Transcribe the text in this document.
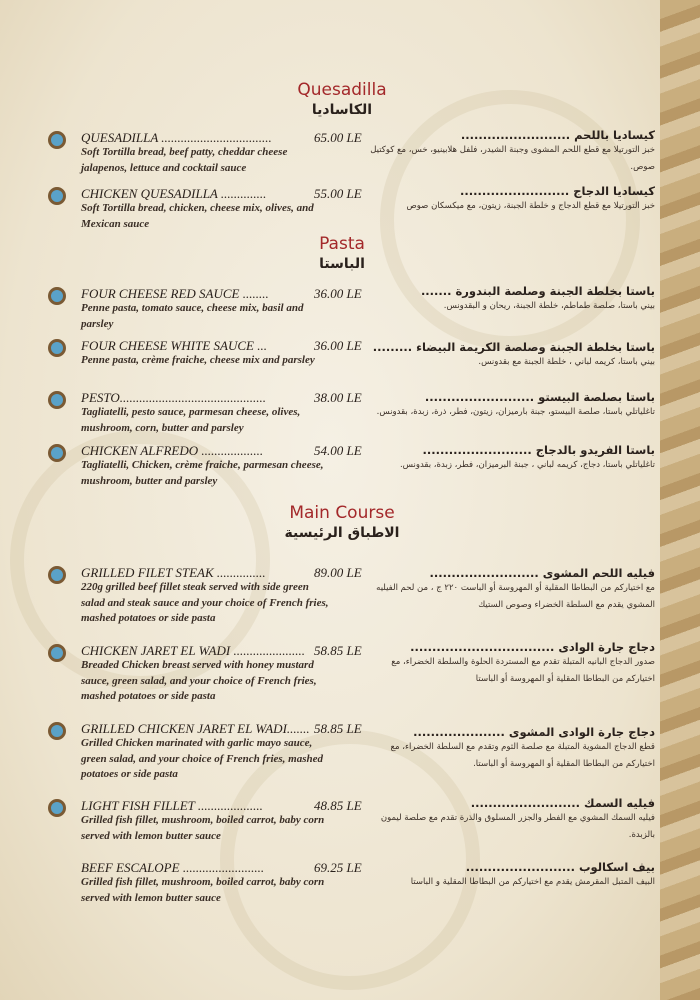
Quesadilla
الكاساديا
QUESADILLA ..................................	65.00 LE
Soft Tortilla bread, beef patty, cheddar cheese jalapenos, lettuce and cocktail sauce
كيساديا باللحم .........................
خبز التورتيلا مع قطع اللحم المشوى وجبنة الشيدر، فلفل هلابينيو، خس، مع كوكتيل صوص.
CHICKEN QUESADILLA ..............	55.00 LE
Soft Tortilla bread, chicken, cheese mix, olives, and Mexican sauce
كيساديا الدجاج .........................
خبز التورتيلا مع قطع الدجاج و خلطة الجبنة، زيتون، مع ميكسكان صوص
Pasta
الباستا
FOUR CHEESE RED SAUCE ........	36.00 LE
Penne pasta, tomato sauce, cheese mix, basil and parsley
باستا بخلطة الجبنة وصلصة البندورة .......
بيني باستا، صلصة طماطم، خلطة الجبنة، ريحان و البقدونس.
FOUR CHEESE WHITE SAUCE ...	36.00 LE
Penne pasta, crème fraiche, cheese mix and parsley
باستا بخلطة الجبنة وصلصة الكريمة البيضاء .........
بيني باستا، كريمه لباني ، خلطة الجبنة مع بقدونس.
PESTO.............................................	38.00 LE
Tagliatelli, pesto sauce, parmesan cheese, olives, mushroom, corn, butter and parsley
باستا بصلصة البيستو .........................
تاغلياتلي باستا، صلصة البيستو، جبنة بارميزان، زيتون، فطر، ذرة، زبدة، بقدونس.
CHICKEN ALFREDO ...................	54.00 LE
Tagliatelli, Chicken, crème fraiche, parmesan cheese, mushroom, butter and parsley
باستا الفريدو بالدجاج .........................
تاغلياتلي باستا، دجاج، كريمه لباني ، جبنة البرميزان، فطر، زبدة، بقدونس.
Main Course
الاطباق الرئيسية
GRILLED FILET STEAK ...............	89.00 LE
220g grilled beef fillet steak served with side green salad and steak sauce and your choice of French fries, mashed potatoes or side pasta
فيليه اللحم المشوى .........................
مع اختياركم من البطاطا المقلية أو المهروسة أو الباست ٢٢٠ ج ، من لحم الفيليه المشوي يقدم مع السلطة الخضراء وصوص الستيك
CHICKEN JARET EL WADI ...................... 58.85 LE
Breaded Chicken breast served with honey mustard sauce, green salad, and your choice of French fries, mashed potatoes or side pasta
دجاج جارة الوادى .................................
صدور الدجاج البانيه المتبلة تقدم مع المستردة الحلوة والسلطة الخضراء، مع اختياركم من البطاطا المقلية أو المهروسة أو الباستا
GRILLED CHICKEN JARET EL WADI....... 58.85 LE
Grilled Chicken marinated with garlic mayo sauce, green salad, and your choice of French fries, mashed potatoes or side pasta
دجاج جارة الوادى المشوى .....................
قطع الدجاج المشوية المتبلة مع صلصة الثوم وتقدم مع السلطة الخضراء، مع اختياركم من البطاطا المقلية أو المهروسة أو الباستا.
LIGHT FISH FILLET ....................	48.85 LE
Grilled fish fillet, mushroom, boiled carrot, baby corn served with lemon butter sauce
فيليه السمك .........................
فيليه السمك المشوي مع الفطر والجزر المسلوق والذرة تقدم مع صلصة ليمون بالزبدة.
BEEF ESCALOPE .........................	69.25 LE
Grilled fish fillet, mushroom, boiled carrot, baby corn served with lemon butter sauce
بيف اسكالوب .........................
البيف المتبل المقرمش يقدم مع اختياركم من البطاطا المقلية و الباستا
